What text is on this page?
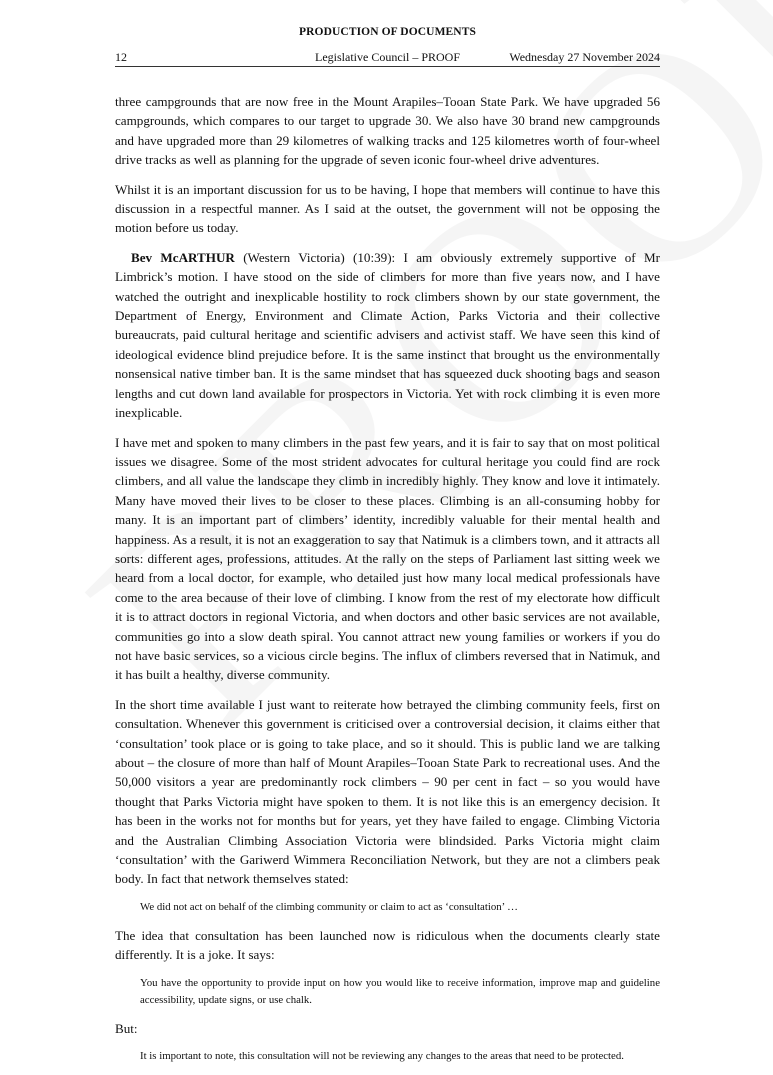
PRODUCTION OF DOCUMENTS
12	Legislative Council – PROOF	Wednesday 27 November 2024

three campgrounds that are now free in the Mount Arapiles–Tooan State Park. We have upgraded 56 campgrounds, which compares to our target to upgrade 30. We also have 30 brand new campgrounds and have upgraded more than 29 kilometres of walking tracks and 125 kilometres worth of four-wheel drive tracks as well as planning for the upgrade of seven iconic four-wheel drive adventures.

Whilst it is an important discussion for us to be having, I hope that members will continue to have this discussion in a respectful manner. As I said at the outset, the government will not be opposing the motion before us today.

Bev McARTHUR (Western Victoria) (10:39): I am obviously extremely supportive of Mr Limbrick’s motion. I have stood on the side of climbers for more than five years now, and I have watched the outright and inexplicable hostility to rock climbers shown by our state government, the Department of Energy, Environment and Climate Action, Parks Victoria and their collective bureaucrats, paid cultural heritage and scientific advisers and activist staff. We have seen this kind of ideological evidence blind prejudice before. It is the same instinct that brought us the environmentally nonsensical native timber ban. It is the same mindset that has squeezed duck shooting bags and season lengths and cut down land available for prospectors in Victoria. Yet with rock climbing it is even more inexplicable.

I have met and spoken to many climbers in the past few years, and it is fair to say that on most political issues we disagree. Some of the most strident advocates for cultural heritage you could find are rock climbers, and all value the landscape they climb in incredibly highly. They know and love it intimately. Many have moved their lives to be closer to these places. Climbing is an all-consuming hobby for many. It is an important part of climbers’ identity, incredibly valuable for their mental health and happiness. As a result, it is not an exaggeration to say that Natimuk is a climbers town, and it attracts all sorts: different ages, professions, attitudes. At the rally on the steps of Parliament last sitting week we heard from a local doctor, for example, who detailed just how many local medical professionals have come to the area because of their love of climbing. I know from the rest of my electorate how difficult it is to attract doctors in regional Victoria, and when doctors and other basic services are not available, communities go into a slow death spiral. You cannot attract new young families or workers if you do not have basic services, so a vicious circle begins. The influx of climbers reversed that in Natimuk, and it has built a healthy, diverse community.

In the short time available I just want to reiterate how betrayed the climbing community feels, first on consultation. Whenever this government is criticised over a controversial decision, it claims either that ‘consultation’ took place or is going to take place, and so it should. This is public land we are talking about – the closure of more than half of Mount Arapiles–Tooan State Park to recreational uses. And the 50,000 visitors a year are predominantly rock climbers – 90 per cent in fact – so you would have thought that Parks Victoria might have spoken to them. It is not like this is an emergency decision. It has been in the works not for months but for years, yet they have failed to engage. Climbing Victoria and the Australian Climbing Association Victoria were blindsided. Parks Victoria might claim ‘consultation’ with the Gariwerd Wimmera Reconciliation Network, but they are not a climbers peak body. In fact that network themselves stated:

We did not act on behalf of the climbing community or claim to act as ‘consultation’ …

The idea that consultation has been launched now is ridiculous when the documents clearly state differently. It is a joke. It says:

You have the opportunity to provide input on how you would like to receive information, improve map and guideline accessibility, update signs, or use chalk.

But:

It is important to note, this consultation will not be reviewing any changes to the areas that need to be protected.
